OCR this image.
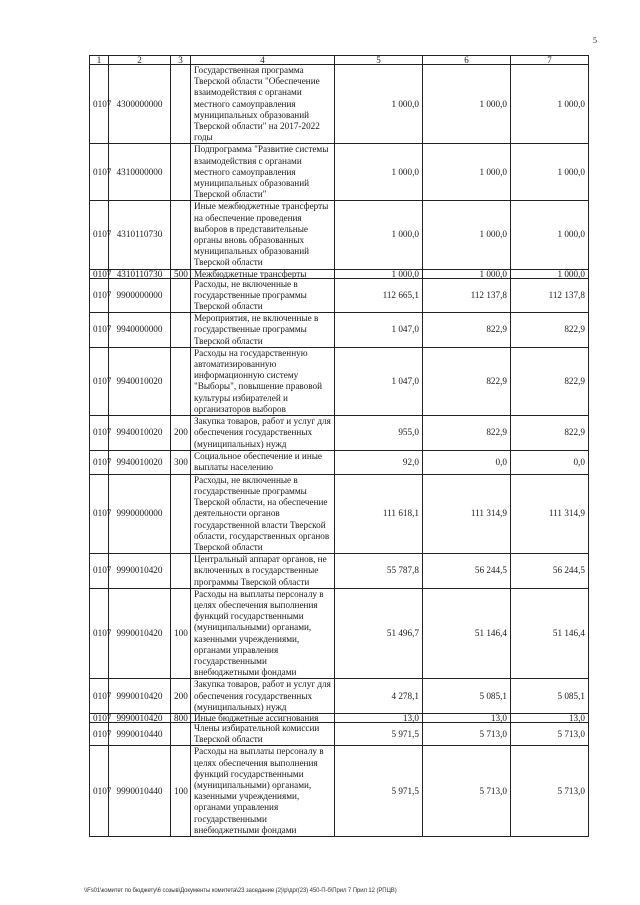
5
1	2	3	4	5	6	7
0107	4300000000		Государственная программа Тверской области "Обеспечение взаимодействия с органами местного самоуправления муниципальных образований Тверской области" на 2017-2022 годы	1 000,0	1 000,0	1 000,0
0107	4310000000		Подпрограмма "Развитие системы взаимодействия с органами местного самоуправления муниципальных образований Тверской области"	1 000,0	1 000,0	1 000,0
0107	4310110730		Иные межбюджетные трансферты на обеспечение проведения выборов в представительные органы вновь образованных муниципальных образований Тверской области	1 000,0	1 000,0	1 000,0
0107	4310110730	500	Межбюджетные трансферты	1 000,0	1 000,0	1 000,0
0107	9900000000		Расходы, не включенные в государственные программы Тверской области	112 665,1	112 137,8	112 137,8
0107	9940000000		Мероприятия, не включенные в государственные программы Тверской области	1 047,0	822,9	822,9
0107	9940010020		Расходы на государственную автоматизированную информационную систему "Выборы", повышение правовой культуры избирателей и организаторов выборов	1 047,0	822,9	822,9
0107	9940010020	200	Закупка товаров, работ и услуг для обеспечения государственных (муниципальных) нужд	955,0	822,9	822,9
0107	9940010020	300	Социальное обеспечение и иные выплаты населению	92,0	0,0	0,0
0107	9990000000		Расходы, не включенные в государственные программы Тверской области, на обеспечение деятельности органов государственной власти Тверской области, государственных органов Тверской области	111 618,1	111 314,9	111 314,9
0107	9990010420		Центральный аппарат органов, не включенных в государственные программы Тверской области	55 787,8	56 244,5	56 244,5
0107	9990010420	100	Расходы на выплаты персоналу в целях обеспечения выполнения функций государственными (муниципальными) органами, казенными учреждениями, органами управления государственными внебюджетными фондами	51 496,7	51 146,4	51 146,4
0107	9990010420	200	Закупка товаров, работ и услуг для обеспечения государственных (муниципальных) нужд	4 278,1	5 085,1	5 085,1
0107	9990010420	800	Иные бюджетные ассигнования	13,0	13,0	13,0
0107	9990010440		Члены избирательной комиссии Тверской области	5 971,5	5 713,0	5 713,0
0107	9990010440	100	Расходы на выплаты персоналу в целях обеспечения выполнения функций государственными (муниципальными) органами, казенными учреждениями, органами управления государственными внебюджетными фондами	5 971,5	5 713,0	5 713,0
\\Fs01\комитет по бюджету\6 созыв\Документы комитета\23 заседание (2)\p\дрг(23) 450-П-б\Прил 7 Прил 12 (РПЦВ)
